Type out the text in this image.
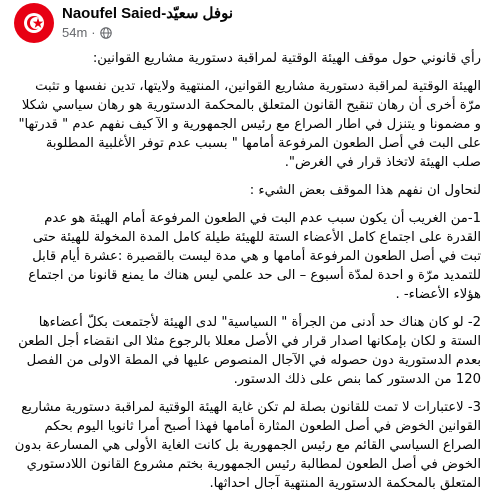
Naoufel Saied-نوفل سعيّد
54m ·

رأي قانوني حول موقف الهيئة الوقتية لمراقبة دستورية مشاريع القوانين:

الهيئة الوقتية لمراقبة دستورية مشاريع القوانين، المنتهية ولايتها، تدين نفسها و تثبت مرّة أخرى أن رهان تنقيح القانون المتعلق بالمحكمة الدستورية هو رهان سياسي شكلا و مضمونا و يتنزل في اطار الصراع مع رئيس الجمهورية و الآ كيف نفهم عدم " قدرتها" على البت في أصل الطعون المرفوعة أمامها " بسبب عدم توفر الأغلبية المطلوبة صلب الهيئة لاتخاذ قرار في الغرض".

لنحاول ان نفهم هذا الموقف بعض الشيء :

1-من الغريب أن يكون سبب عدم البت في الطعون المرفوعة أمام الهيئة هو عدم القدرة على اجتماع كامل الأعضاء الستة للهيئة طيلة كامل المدة المخولة للهيئة حتى تبت في أصل الطعون المرفوعة أمامها و هي مدة ليست بالقصيرة :عشرة أيام قابل للتمديد مرّة و احدة لمدّة أسبوع – الى حد علمي ليس هناك ما يمنع قانونا من اجتماع هؤلاء الأعضاء- .

2- لو كان هناك حد أدنى من الجرأة " السياسية" لدى الهيئة لأجتمعت بكلّ أعضاءها الستة و لكان بإمكانها اصدار قرار في الأصل معللا بالرجوع مثلا الى انقضاء أجل الطعن بعدم الدستورية دون حصوله في الآجال المنصوص عليها في المطة الاولى من الفصل 120 من الدستور كما بنص على ذلك الدستور.

3- لاعتبارات لا تمت للقانون بصلة لم تكن غاية الهيئة الوقتية لمراقبة دستورية مشاريع القوانين الخوض في أصل الطعون المثارة أمامها فهذا أصبح أمرا ثانويا اليوم بحكم الصراع السياسي القائم مع رئيس الجمهورية بل كانت الغاية الأولى هي المسارعة بدون الخوض في أصل الطعون لمطالبة رئيس الجمهورية بختم مشروع القانون اللادستوري المتعلق بالمحكمة الدستورية المنتهية آجال احداثها.
